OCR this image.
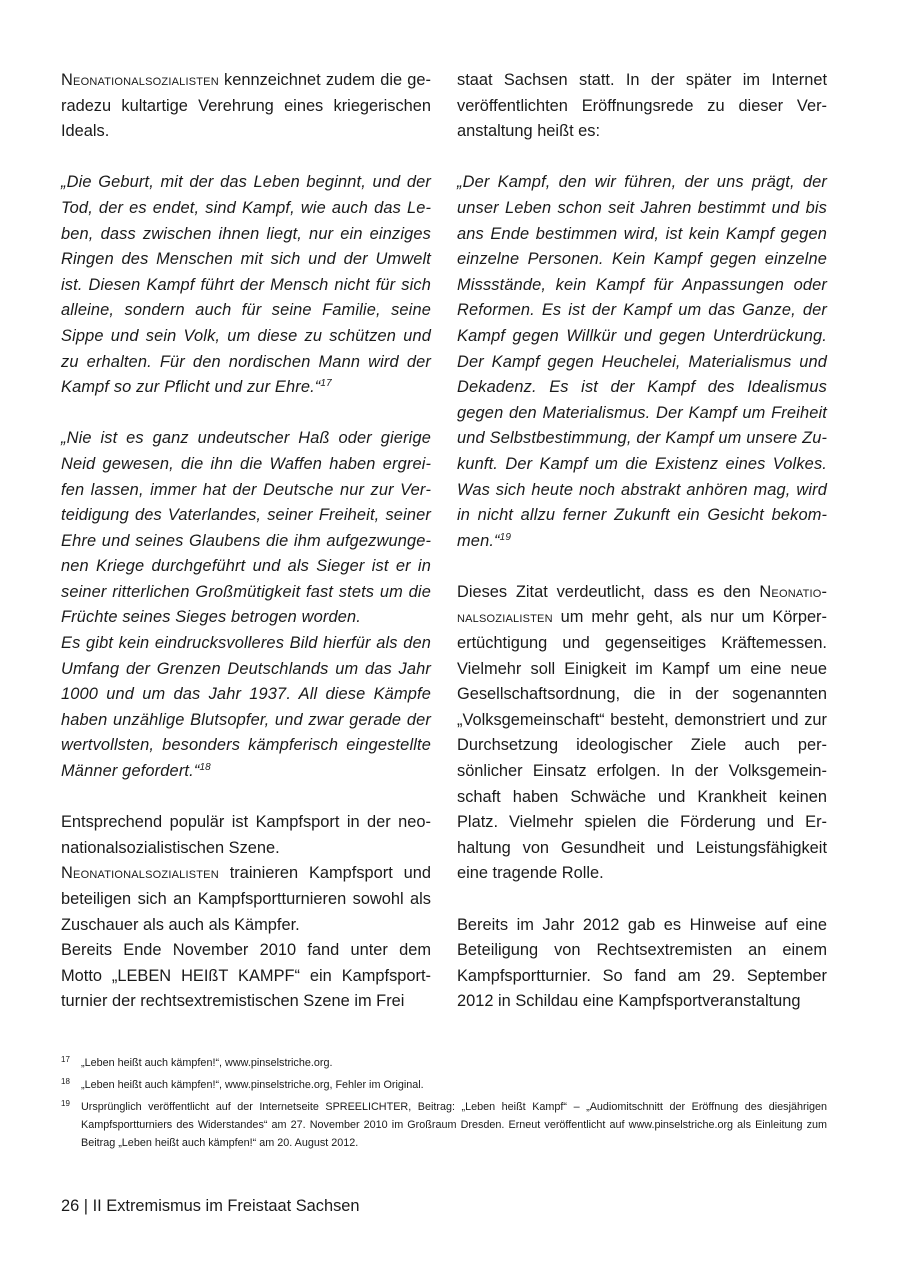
Neonationalsozialisten kennzeichnet zudem die geradezu kultartige Verehrung eines kriegerischen Ideals.

„Die Geburt, mit der das Leben beginnt, und der Tod, der es endet, sind Kampf, wie auch das Leben, dass zwischen ihnen liegt, nur ein einziges Ringen des Menschen mit sich und der Umwelt ist. Diesen Kampf führt der Mensch nicht für sich alleine, sondern auch für seine Familie, seine Sippe und sein Volk, um diese zu schützen und zu erhalten. Für den nordischen Mann wird der Kampf so zur Pflicht und zur Ehre.“$^{17}$

„Nie ist es ganz undeutscher Haß oder gierige Neid gewesen, die ihn die Waffen haben ergreifen lassen, immer hat der Deutsche nur zur Verteidigung des Vaterlandes, seiner Freiheit, seiner Ehre und seines Glaubens die ihm aufgezwungenen Kriege durchgeführt und als Sieger ist er in seiner ritterlichen Großmütigkeit fast stets um die Früchte seines Sieges betrogen worden.

Es gibt kein eindrucksvolleres Bild hierfür als den Umfang der Grenzen Deutschlands um das Jahr 1000 und um das Jahr 1937. All diese Kämpfe haben unzählige Blutsopfer, und zwar gerade der wertvollsten, besonders kämpferisch eingestellte Männer gefordert.“$^{18}$

Entsprechend populär ist Kampfsport in der neonationalsozialistischen Szene.

Neonationalsozialisten trainieren Kampfsport und beteiligen sich an Kampfsportturnieren sowohl als Zuschauer als auch als Kämpfer.

Bereits Ende November 2010 fand unter dem Motto „LEBEN HEIßT KAMPF“ ein Kampfsportturnier der rechtsextremistischen Szene im Frei

staat Sachsen statt. In der später im Internet veröffentlichten Eröffnungsrede zu dieser Veranstaltung heißt es:

„Der Kampf, den wir führen, der uns prägt, der unser Leben schon seit Jahren bestimmt und bis ans Ende bestimmen wird, ist kein Kampf gegen einzelne Personen. Kein Kampf gegen einzelne Missstände, kein Kampf für Anpassungen oder Reformen. Es ist der Kampf um das Ganze, der Kampf gegen Willkür und gegen Unterdrückung. Der Kampf gegen Heuchelei, Materialismus und Dekadenz. Es ist der Kampf des Idealismus gegen den Materialismus. Der Kampf um Freiheit und Selbstbestimmung, der Kampf um unsere Zukunft. Der Kampf um die Existenz eines Volkes. Was sich heute noch abstrakt anhören mag, wird in nicht allzu ferner Zukunft ein Gesicht bekommen.“$^{19}$

Dieses Zitat verdeutlicht, dass es den Neonationalsozialisten um mehr geht, als nur um Körperertüchtigung und gegenseitiges Kräftemessen. Vielmehr soll Einigkeit im Kampf um eine neue Gesellschaftsordnung, die in der sogenannten „Volksgemeinschaft“ besteht, demonstriert und zur Durchsetzung ideologischer Ziele auch persönlicher Einsatz erfolgen. In der Volksgemeinschaft haben Schwäche und Krankheit keinen Platz. Vielmehr spielen die Förderung und Erhaltung von Gesundheit und Leistungsfähigkeit eine tragende Rolle.

Bereits im Jahr 2012 gab es Hinweise auf eine Beteiligung von Rechtsextremisten an einem Kampfsportturnier. So fand am 29. September 2012 in Schildau eine Kampfsportveranstaltung

17 „Leben heißt auch kämpfen!“, www.pinselstriche.org.
18 „Leben heißt auch kämpfen!“, www.pinselstriche.org, Fehler im Original.
19 Ursprünglich veröffentlicht auf der Internetseite SPREELICHTER, Beitrag: „Leben heißt Kampf“ – „Audiomitschnitt der Eröffnung des diesjährigen Kampfsportturniers des Widerstandes“ am 27. November 2010 im Großraum Dresden. Erneut veröffentlicht auf www.pinselstriche.org als Einleitung zum Beitrag „Leben heißt auch kämpfen!“ am 20. August 2012.
26 | II Extremismus im Freistaat Sachsen
